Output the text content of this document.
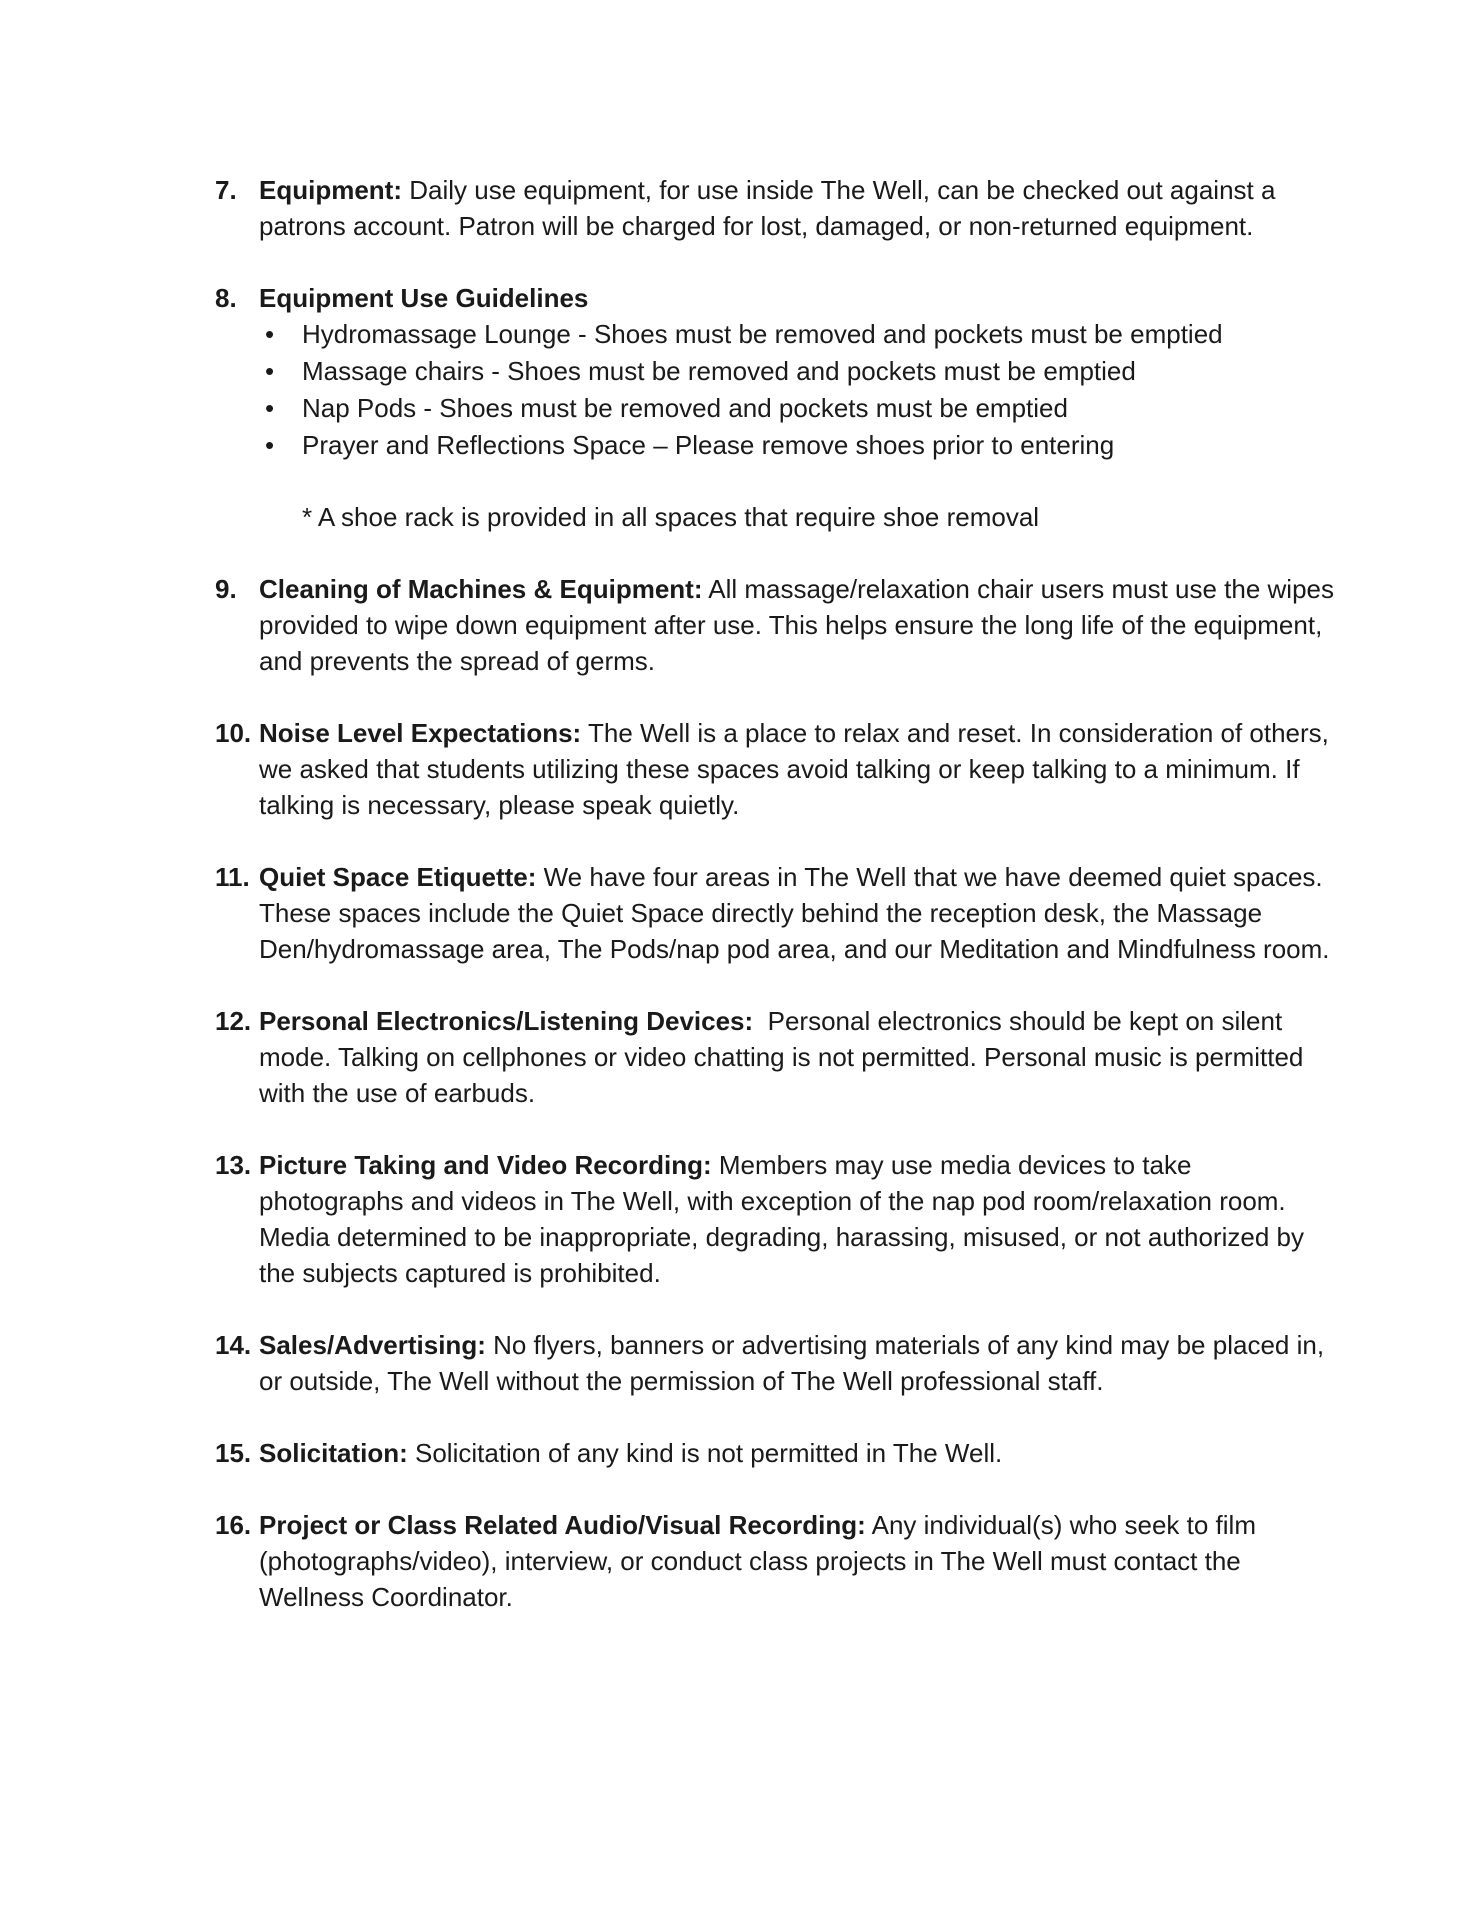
7. Equipment: Daily use equipment, for use inside The Well, can be checked out against a patrons account. Patron will be charged for lost, damaged, or non-returned equipment.
8. Equipment Use Guidelines
• Hydromassage Lounge - Shoes must be removed and pockets must be emptied
• Massage chairs - Shoes must be removed and pockets must be emptied
• Nap Pods - Shoes must be removed and pockets must be emptied
• Prayer and Reflections Space – Please remove shoes prior to entering
* A shoe rack is provided in all spaces that require shoe removal
9. Cleaning of Machines & Equipment: All massage/relaxation chair users must use the wipes provided to wipe down equipment after use. This helps ensure the long life of the equipment, and prevents the spread of germs.
10. Noise Level Expectations: The Well is a place to relax and reset. In consideration of others, we asked that students utilizing these spaces avoid talking or keep talking to a minimum. If talking is necessary, please speak quietly.
11. Quiet Space Etiquette: We have four areas in The Well that we have deemed quiet spaces. These spaces include the Quiet Space directly behind the reception desk, the Massage Den/hydromassage area, The Pods/nap pod area, and our Meditation and Mindfulness room.
12. Personal Electronics/Listening Devices:  Personal electronics should be kept on silent mode. Talking on cellphones or video chatting is not permitted. Personal music is permitted with the use of earbuds.
13. Picture Taking and Video Recording: Members may use media devices to take photographs and videos in The Well, with exception of the nap pod room/relaxation room. Media determined to be inappropriate, degrading, harassing, misused, or not authorized by the subjects captured is prohibited.
14. Sales/Advertising: No flyers, banners or advertising materials of any kind may be placed in, or outside, The Well without the permission of The Well professional staff.
15. Solicitation: Solicitation of any kind is not permitted in The Well.
16. Project or Class Related Audio/Visual Recording: Any individual(s) who seek to film (photographs/video), interview, or conduct class projects in The Well must contact the Wellness Coordinator.
